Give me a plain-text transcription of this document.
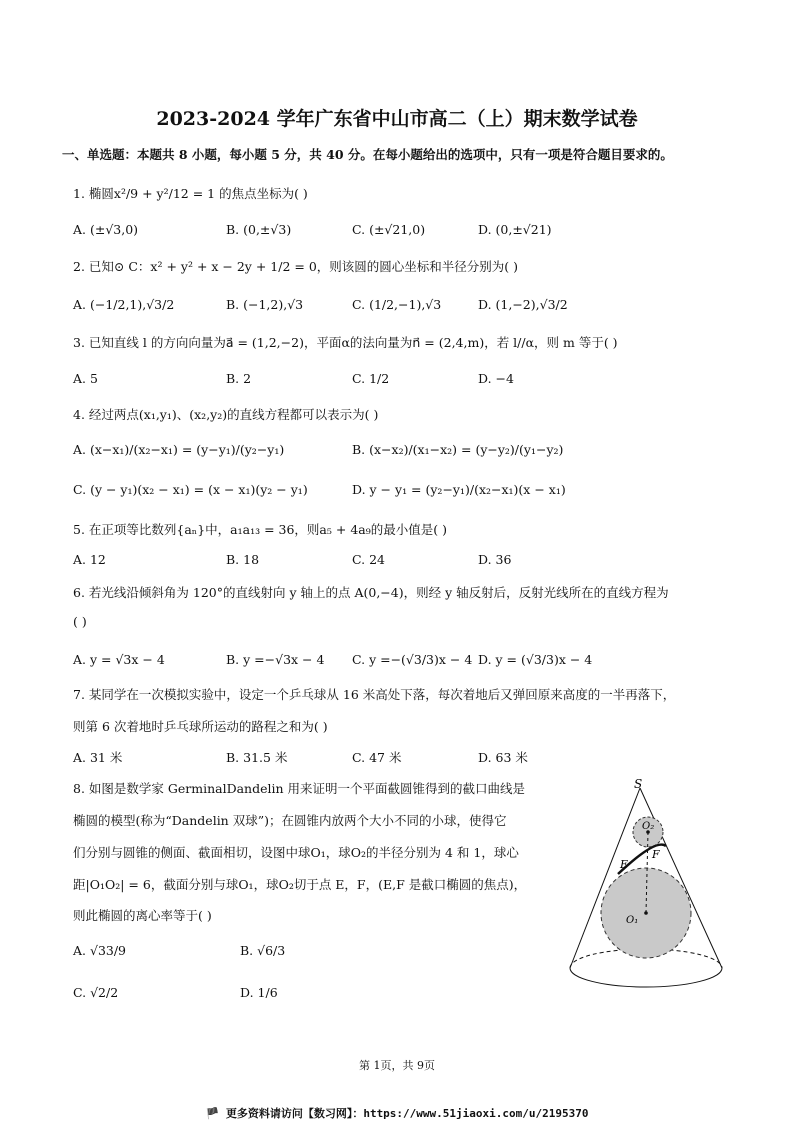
2023-2024 学年广东省中山市高二（上）期末数学试卷
一、单选题：本题共 8 小题，每小题 5 分，共 40 分。在每小题给出的选项中，只有一项是符合题目要求的。
1. 椭圆x²/9 + y²/12 = 1 的焦点坐标为( )
A. (±√3,0)	B. (0,±√3)	C. (±√21,0)	D. (0,±√21)
2. 已知⊙ C：x² + y² + x − 2y + 1/2 = 0，则该圆的圆心坐标和半径分别为( )
A. (−1/2,1),√3/2	B. (−1,2),√3	C. (1/2,−1),√3	D. (1,−2),√3/2
3. 已知直线 l 的方向向量为a⃗ = (1,2,−2)，平面α的法向量为n⃗ = (2,4,m)，若 l//α，则 m 等于( )
A. 5	B. 2	C. 1/2	D. −4
4. 经过两点(x₁,y₁)、(x₂,y₂)的直线方程都可以表示为( )
A. (x−x₁)/(x₂−x₁) = (y−y₁)/(y₂−y₁)	B. (x−x₂)/(x₁−x₂) = (y−y₂)/(y₁−y₂)
C. (y − y₁)(x₂ − x₁) = (x − x₁)(y₂ − y₁)	D. y − y₁ = (y₂−y₁)/(x₂−x₁)(x − x₁)
5. 在正项等比数列{aₙ}中，a₁a₁₃ = 36，则a₅ + 4a₉的最小值是( )
A. 12	B. 18	C. 24	D. 36
6. 若光线沿倾斜角为 120°的直线射向 y 轴上的点 A(0,−4)，则经 y 轴反射后，反射光线所在的直线方程为
( )
A. y = √3x − 4	B. y =−√3x − 4 C. y =−(√3/3)x − 4 D. y = (√3/3)x − 4
7. 某同学在一次模拟实验中，设定一个乒乓球从 16 米高处下落，每次着地后又弹回原来高度的一半再落下，
则第 6 次着地时乒乓球所运动的路程之和为( )
A. 31 米	B. 31.5 米	C. 47 米	D. 63 米
8. 如图是数学家 GerminalDandelin 用来证明一个平面截圆锥得到的截口曲线是
椭圆的模型(称为“Dandelin 双球”)；在圆锥内放两个大小不同的小球，使得它
们分别与圆锥的侧面、截面相切，设图中球O₁，球O₂的半径分别为 4 和 1，球心
距|O₁O₂| = 6，截面分别与球O₁，球O₂切于点 E，F，(E,F 是截口椭圆的焦点)，
则此椭圆的离心率等于( )
A. √33/9	B. √6/3
C. √2/2	D. 1/6
S
O₂
E
F
O₁
第 1页，共 9页
🏴 更多资料请访问【数习网】：https://www.51jiaoxi.com/u/2195370
